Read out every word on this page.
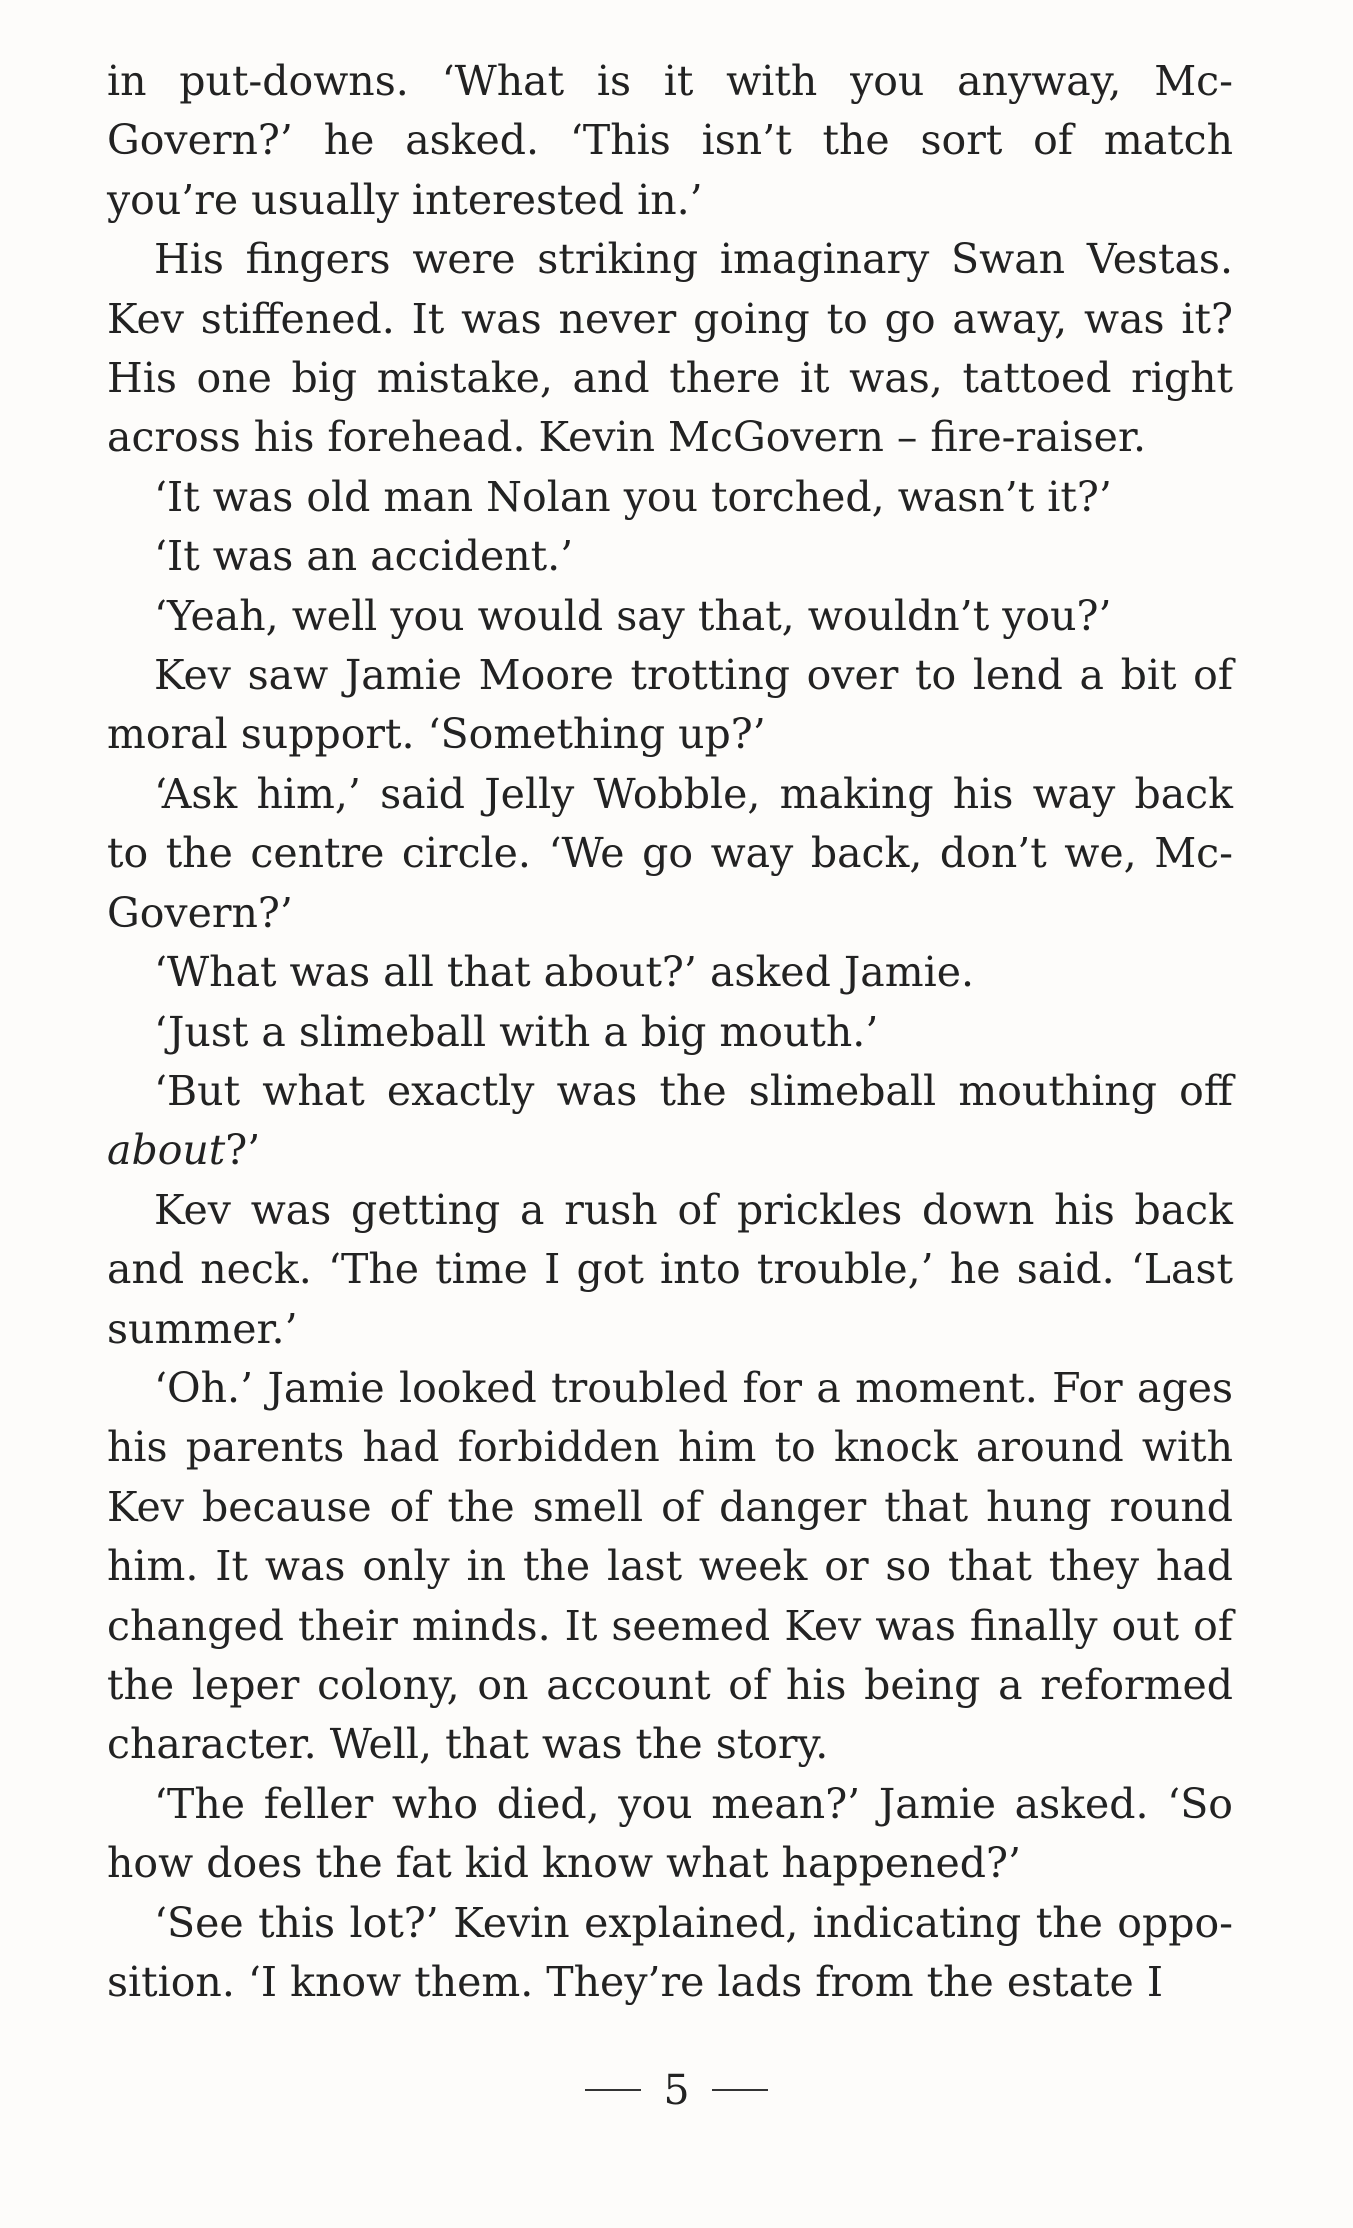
in put-downs. ‘What is it with you anyway, Mc-Govern?’ he asked. ‘This isn’t the sort of match you’re usually interested in.’

His fingers were striking imaginary Swan Vestas. Kev stiffened. It was never going to go away, was it? His one big mistake, and there it was, tattoed right across his forehead. Kevin McGovern – fire-raiser.

‘It was old man Nolan you torched, wasn’t it?’

‘It was an accident.’

‘Yeah, well you would say that, wouldn’t you?’

Kev saw Jamie Moore trotting over to lend a bit of moral support. ‘Something up?’

‘Ask him,’ said Jelly Wobble, making his way back to the centre circle. ‘We go way back, don’t we, Mc-Govern?’

‘What was all that about?’ asked Jamie.

‘Just a slimeball with a big mouth.’

‘But what exactly was the slimeball mouthing off about?’

Kev was getting a rush of prickles down his back and neck. ‘The time I got into trouble,’ he said. ‘Last summer.’

‘Oh.’ Jamie looked troubled for a moment. For ages his parents had forbidden him to knock around with Kev because of the smell of danger that hung round him. It was only in the last week or so that they had changed their minds. It seemed Kev was finally out of the leper colony, on account of his being a reformed character. Well, that was the story.

‘The feller who died, you mean?’ Jamie asked. ‘So how does the fat kid know what happened?’

‘See this lot?’ Kevin explained, indicating the oppo-sition. ‘I know them. They’re lads from the estate I

5
